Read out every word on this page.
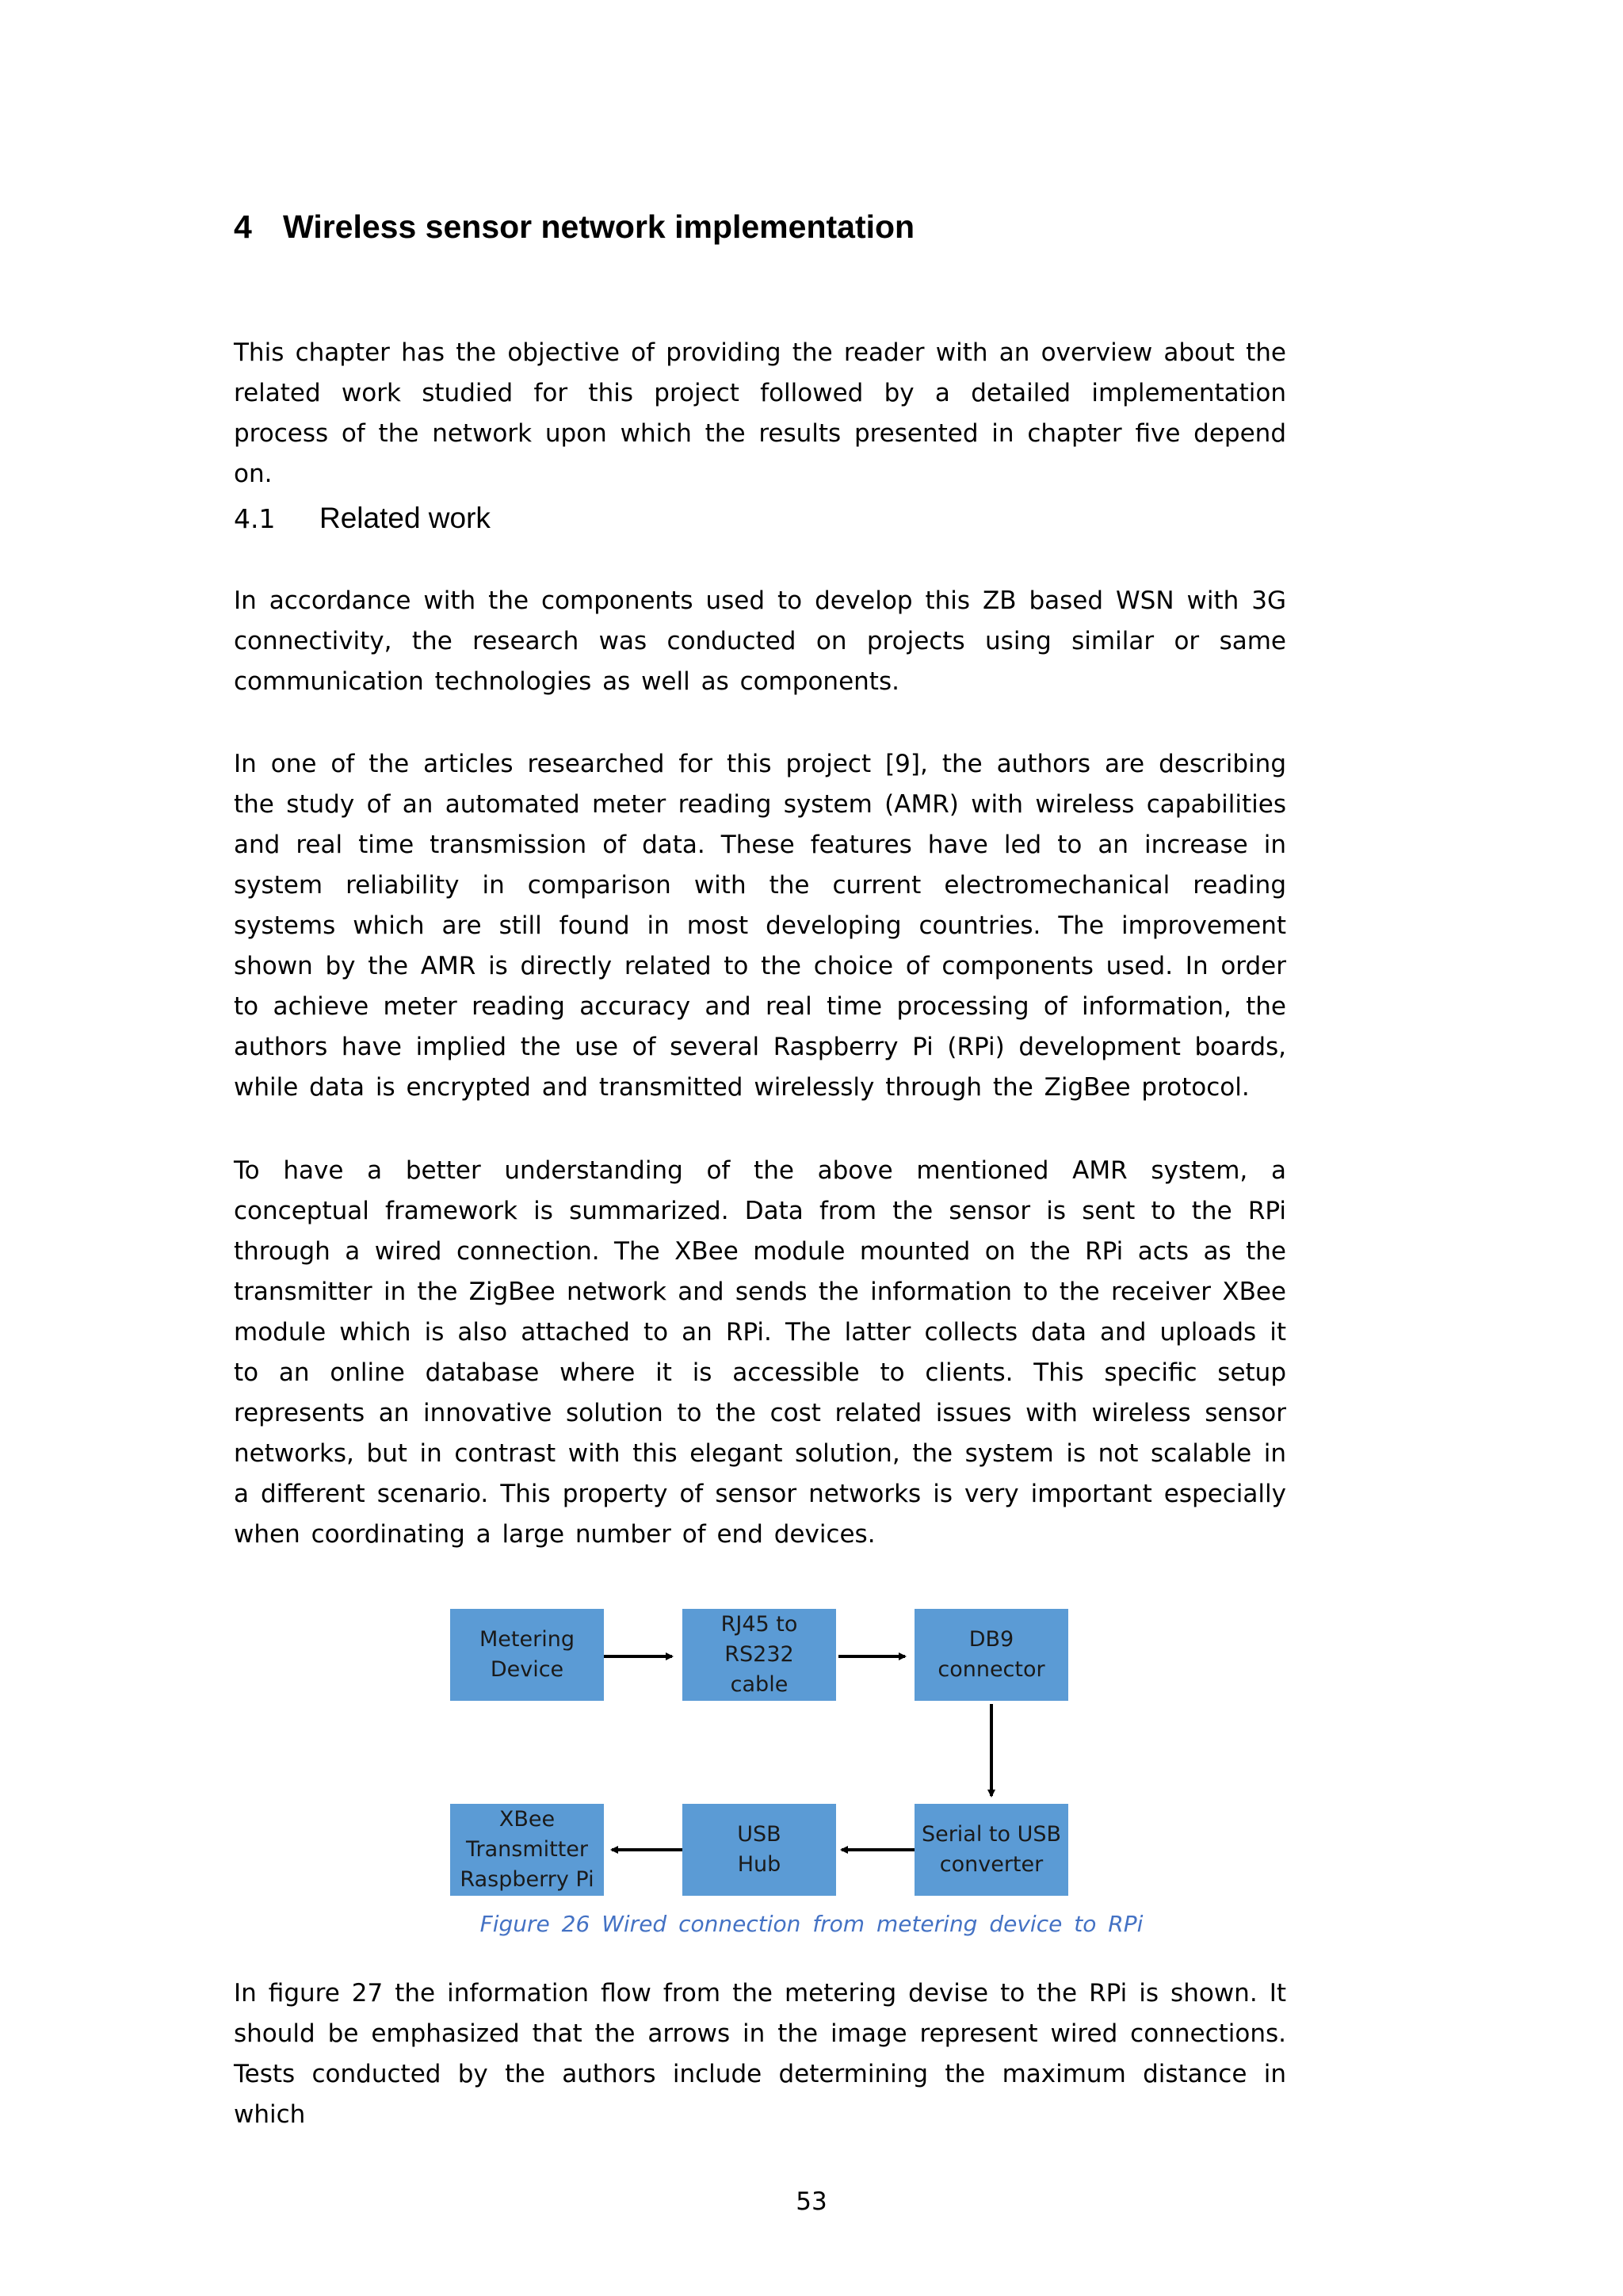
4 Wireless sensor network implementation

This chapter has the objective of providing the reader with an overview about the related work studied for this project followed by a detailed implementation process of the network upon which the results presented in chapter five depend on.

4.1 Related work

In accordance with the components used to develop this ZB based WSN with 3G connectivity, the research was conducted on projects using similar or same communication technologies as well as components.

In one of the articles researched for this project [9], the authors are describing the study of an automated meter reading system (AMR) with wireless capabilities and real time transmission of data. These features have led to an increase in system reliability in comparison with the current electromechanical reading systems which are still found in most developing countries. The improvement shown by the AMR is directly related to the choice of components used. In order to achieve meter reading accuracy and real time processing of information, the authors have implied the use of several Raspberry Pi (RPi) development boards, while data is encrypted and transmitted wirelessly through the ZigBee protocol.

To have a better understanding of the above mentioned AMR system, a conceptual framework is summarized. Data from the sensor is sent to the RPi through a wired connection. The XBee module mounted on the RPi acts as the transmitter in the ZigBee network and sends the information to the receiver XBee module which is also attached to an RPi. The latter collects data and uploads it to an online database where it is accessible to clients. This specific setup represents an innovative solution to the cost related issues with wireless sensor networks, but in contrast with this elegant solution, the system is not scalable in a different scenario. This property of sensor networks is very important especially when coordinating a large number of end devices.

Metering
Device
RJ45 to
RS232
cable
DB9
connector
Serial to USB
converter
USB
Hub
XBee
Transmitter
Raspberry Pi
Figure 26 Wired connection from metering device to RPi

In figure 27 the information flow from the metering devise to the RPi is shown. It should be emphasized that the arrows in the image represent wired connections. Tests conducted by the authors include determining the maximum distance in which

53
